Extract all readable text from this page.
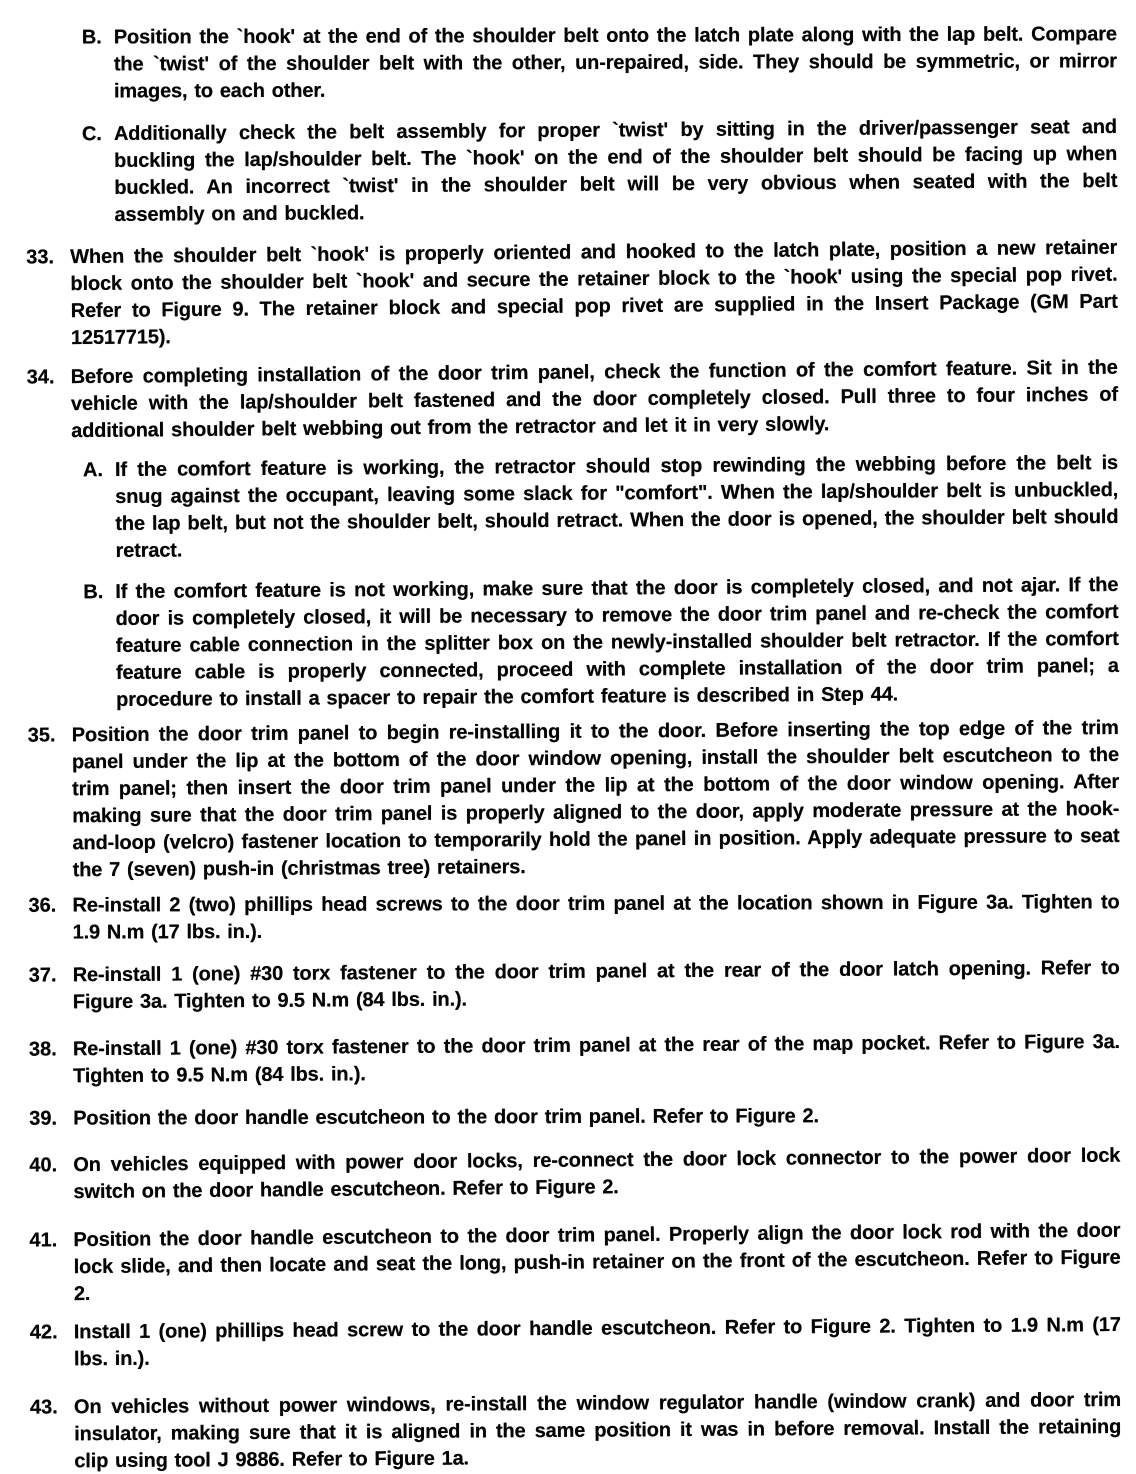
B. Position the `hook' at the end of the shoulder belt onto the latch plate along with the lap belt. Compare the `twist' of the shoulder belt with the other, un-repaired, side. They should be symmetric, or mirror images, to each other.
C. Additionally check the belt assembly for proper `twist' by sitting in the driver/passenger seat and buckling the lap/shoulder belt. The `hook' on the end of the shoulder belt should be facing up when buckled. An incorrect `twist' in the shoulder belt will be very obvious when seated with the belt assembly on and buckled.
33. When the shoulder belt `hook' is properly oriented and hooked to the latch plate, position a new retainer block onto the shoulder belt `hook' and secure the retainer block to the `hook' using the special pop rivet. Refer to Figure 9. The retainer block and special pop rivet are supplied in the Insert Package (GM Part 12517715).
34. Before completing installation of the door trim panel, check the function of the comfort feature. Sit in the vehicle with the lap/shoulder belt fastened and the door completely closed. Pull three to four inches of additional shoulder belt webbing out from the retractor and let it in very slowly.
A. If the comfort feature is working, the retractor should stop rewinding the webbing before the belt is snug against the occupant, leaving some slack for "comfort". When the lap/shoulder belt is unbuckled, the lap belt, but not the shoulder belt, should retract. When the door is opened, the shoulder belt should retract.
B. If the comfort feature is not working, make sure that the door is completely closed, and not ajar. If the door is completely closed, it will be necessary to remove the door trim panel and re-check the comfort feature cable connection in the splitter box on the newly-installed shoulder belt retractor. If the comfort feature cable is properly connected, proceed with complete installation of the door trim panel; a procedure to install a spacer to repair the comfort feature is described in Step 44.
35. Position the door trim panel to begin re-installing it to the door. Before inserting the top edge of the trim panel under the lip at the bottom of the door window opening, install the shoulder belt escutcheon to the trim panel; then insert the door trim panel under the lip at the bottom of the door window opening. After making sure that the door trim panel is properly aligned to the door, apply moderate pressure at the hook-and-loop (velcro) fastener location to temporarily hold the panel in position. Apply adequate pressure to seat the 7 (seven) push-in (christmas tree) retainers.
36. Re-install 2 (two) phillips head screws to the door trim panel at the location shown in Figure 3a. Tighten to 1.9 N.m (17 lbs. in.).
37. Re-install 1 (one) #30 torx fastener to the door trim panel at the rear of the door latch opening. Refer to Figure 3a. Tighten to 9.5 N.m (84 lbs. in.).
38. Re-install 1 (one) #30 torx fastener to the door trim panel at the rear of the map pocket. Refer to Figure 3a. Tighten to 9.5 N.m (84 lbs. in.).
39. Position the door handle escutcheon to the door trim panel. Refer to Figure 2.
40. On vehicles equipped with power door locks, re-connect the door lock connector to the power door lock switch on the door handle escutcheon. Refer to Figure 2.
41. Position the door handle escutcheon to the door trim panel. Properly align the door lock rod with the door lock slide, and then locate and seat the long, push-in retainer on the front of the escutcheon. Refer to Figure 2.
42. Install 1 (one) phillips head screw to the door handle escutcheon. Refer to Figure 2. Tighten to 1.9 N.m (17 lbs. in.).
43. On vehicles without power windows, re-install the window regulator handle (window crank) and door trim insulator, making sure that it is aligned in the same position it was in before removal. Install the retaining clip using tool J 9886. Refer to Figure 1a.
